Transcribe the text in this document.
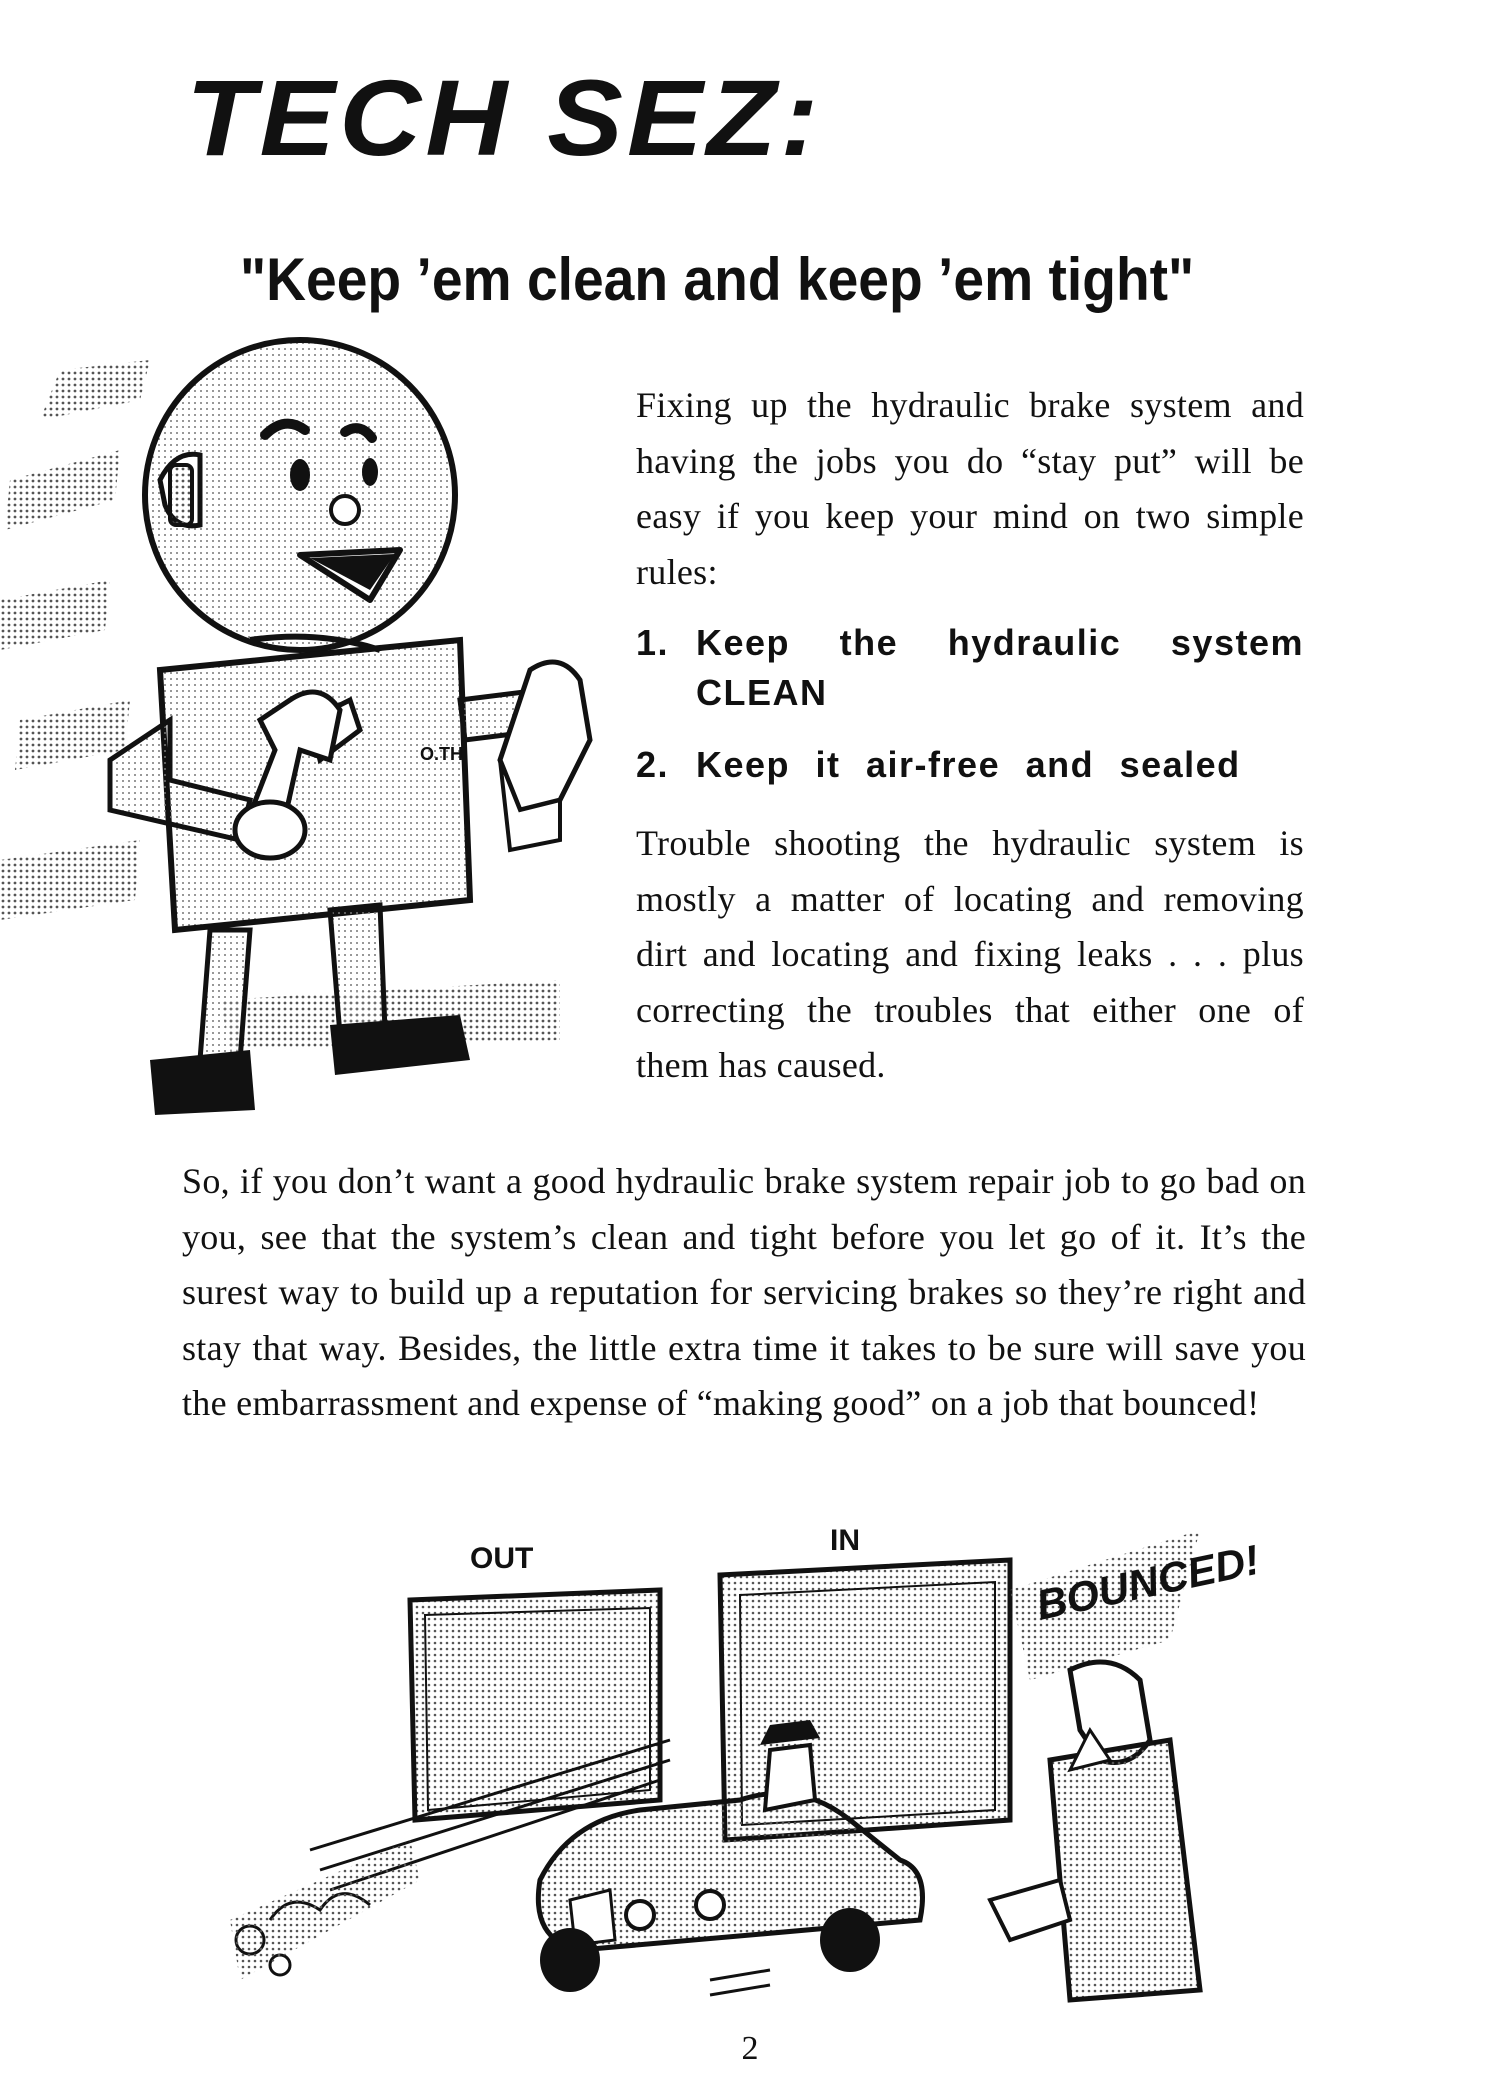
TECH SEZ:
"Keep ’em clean and keep ’em tight"
O.TH

Fixing up the hydraulic brake system and having the jobs you do “stay put” will be easy if you keep your mind on two simple rules:

1. Keep the hydraulic system CLEAN
2. Keep it air-free and sealed

Trouble shooting the hydraulic system is mostly a matter of locating and removing dirt and locating and fixing leaks . . . plus correcting the troubles that either one of them has caused.

So, if you don’t want a good hydraulic brake system repair job to go bad on you, see that the system’s clean and tight before you let go of it. It’s the surest way to build up a reputation for servicing brakes so they’re right and stay that way. Besides, the little extra time it takes to be sure will save you the embarrassment and expense of “making good” on a job that bounced!

OUT
IN	BOUNCED!

2
